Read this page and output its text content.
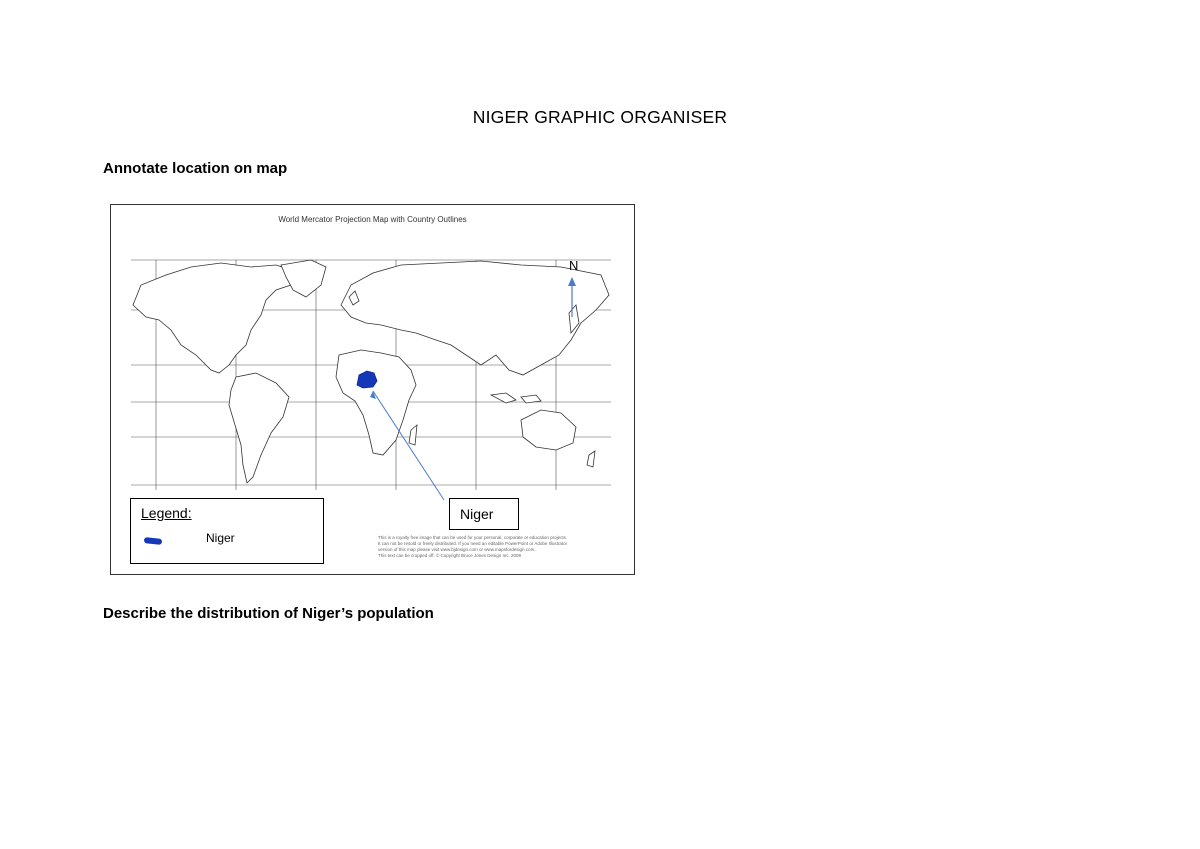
NIGER GRAPHIC ORGANISER
Annotate location on map
World Mercator Projection Map with Country Outlines
N
Niger
Legend:
Niger	This is a royalty free image that can be used for your personal, corporate or education projects.
It can not be resold or freely distributed. If you need an editable PowerPoint or Adobe Illustrator
version of this map please visit www.bjdesign.com or www.mapsfordesign.com.
This text can be cropped off. © Copyright Bruce Jones Design Inc. 2009
Describe the distribution of Niger’s population
